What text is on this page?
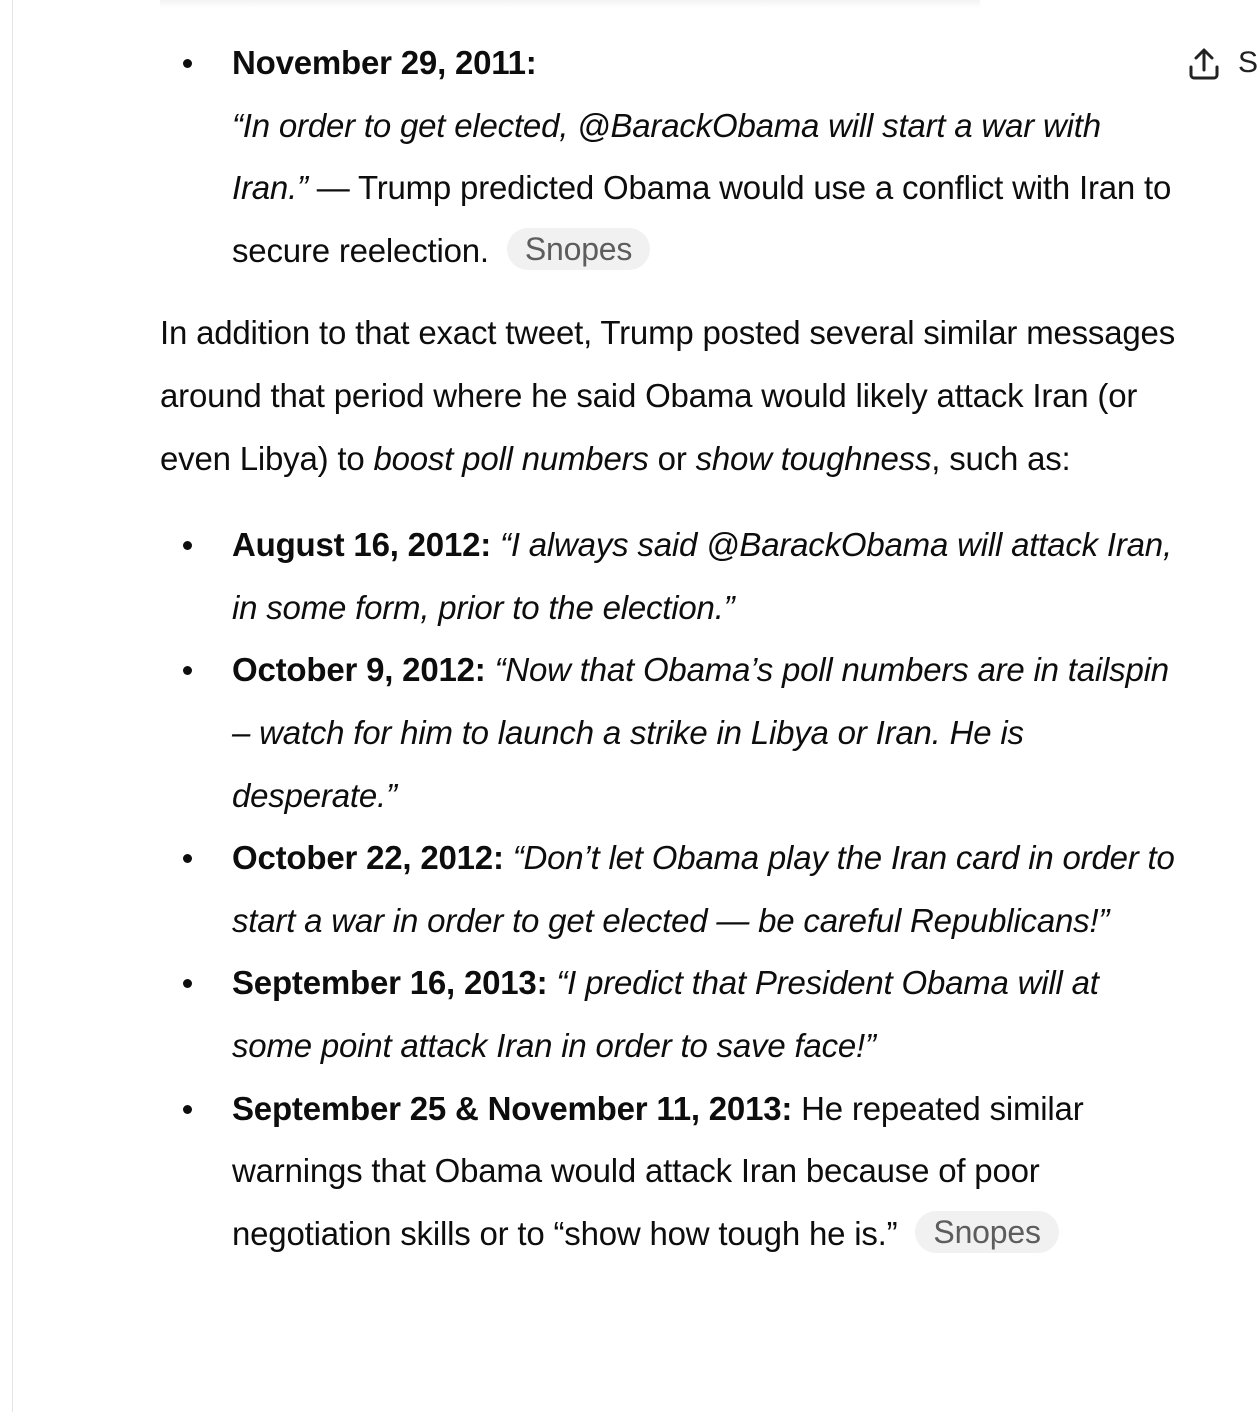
S
November 29, 2011:
“In order to get elected, @BarackObama will start a war with Iran.” — Trump predicted Obama would use a conflict with Iran to secure reelection. Snopes

In addition to that exact tweet, Trump posted several similar messages around that period where he said Obama would likely attack Iran (or even Libya) to boost poll numbers or show toughness, such as:

August 16, 2012: “I always said @BarackObama will attack Iran, in some form, prior to the election.”
October 9, 2012: “Now that Obama’s poll numbers are in tailspin – watch for him to launch a strike in Libya or Iran. He is desperate.”
October 22, 2012: “Don’t let Obama play the Iran card in order to start a war in order to get elected — be careful Republicans!”
September 16, 2013: “I predict that President Obama will at some point attack Iran in order to save face!”
September 25 & November 11, 2013: He repeated similar warnings that Obama would attack Iran because of poor negotiation skills or to “show how tough he is.” Snopes
